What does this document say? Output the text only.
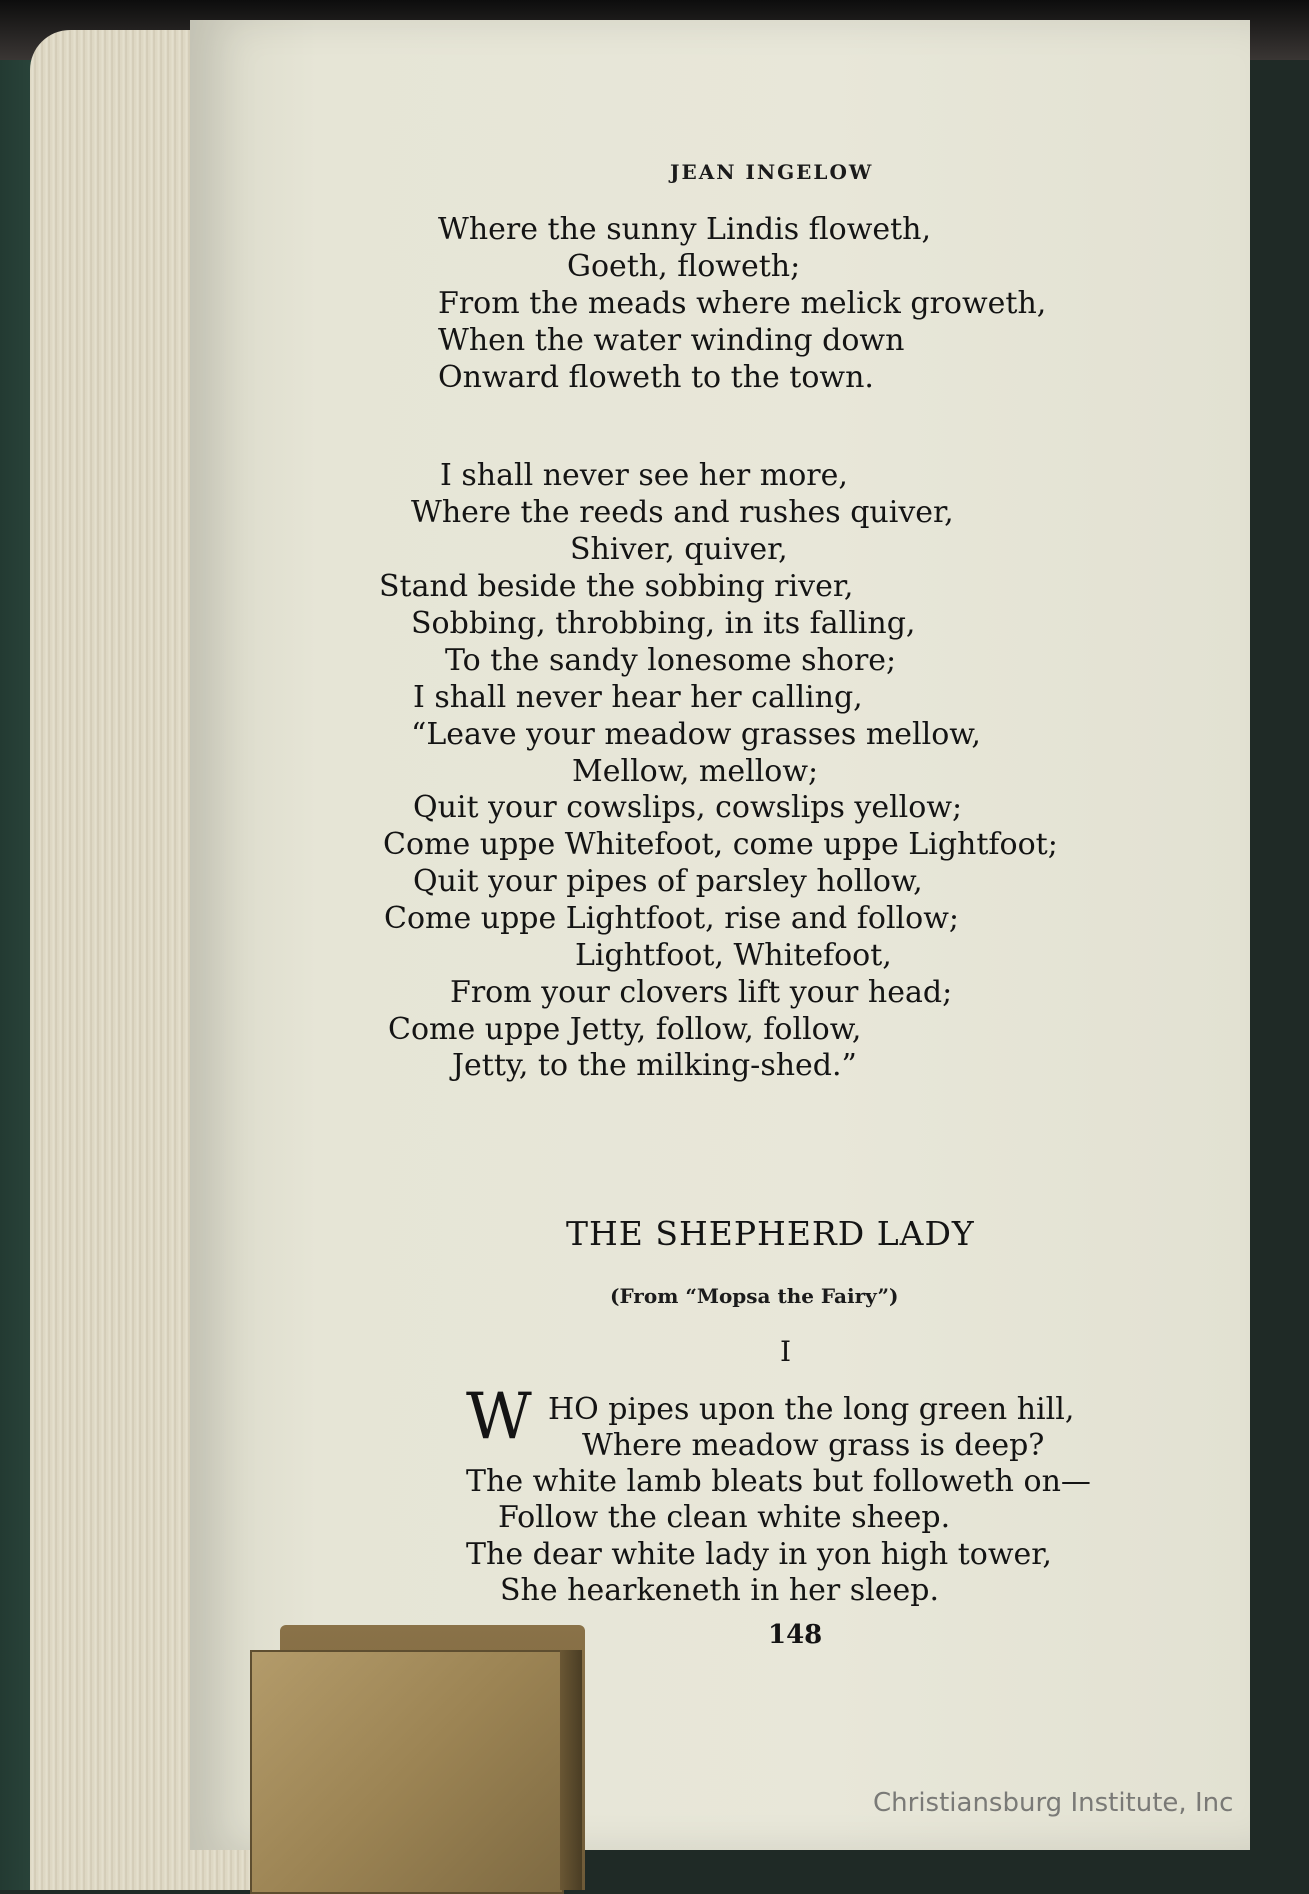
JEAN INGELOW
Where the sunny Lindis floweth,
Goeth, floweth;
From the meads where melick groweth,
When the water winding down
Onward floweth to the town.
I shall never see her more,
Where the reeds and rushes quiver,
Shiver, quiver,
Stand beside the sobbing river,
Sobbing, throbbing, in its falling,
To the sandy lonesome shore;
I shall never hear her calling,
“Leave your meadow grasses mellow,
Mellow, mellow;
Quit your cowslips, cowslips yellow;
Come uppe Whitefoot, come uppe Lightfoot;
Quit your pipes of parsley hollow,
Come uppe Lightfoot, rise and follow;
Lightfoot, Whitefoot,
From your clovers lift your head;
Come uppe Jetty, follow, follow,
Jetty, to the milking-shed.”
THE SHEPHERD LADY
(From “Mopsa the Fairy”)
I
W HO pipes upon the long green hill,
Where meadow grass is deep?
The white lamb bleats but followeth on—
Follow the clean white sheep.
The dear white lady in yon high tower,
She hearkeneth in her sleep.
148
Christiansburg Institute, Inc
